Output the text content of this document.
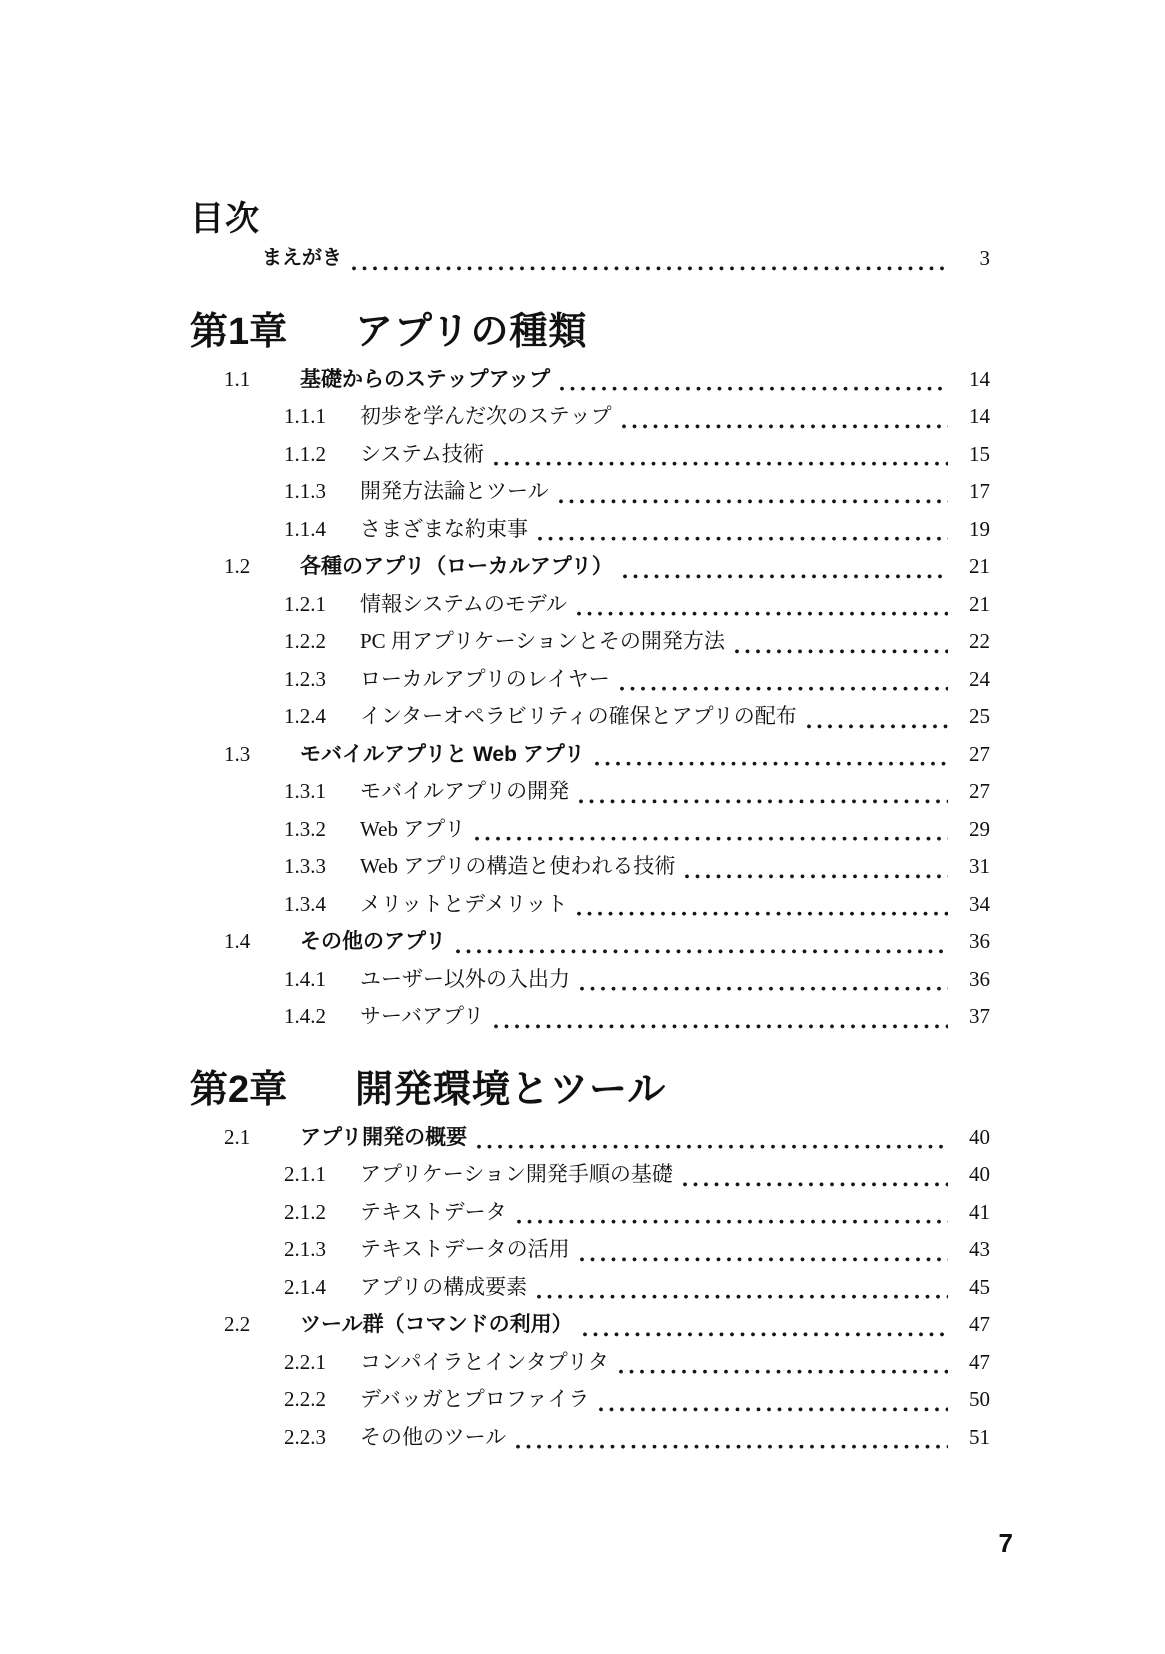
目次
まえがき	3
第1章	アプリの種類
1.1	基礎からのステップアップ	14
1.1.1	初歩を学んだ次のステップ	14
1.1.2	システム技術	15
1.1.3	開発方法論とツール	17
1.1.4	さまざまな約束事	19
1.2	各種のアプリ（ローカルアプリ）	21
1.2.1	情報システムのモデル	21
1.2.2	PC 用アプリケーションとその開発方法	22
1.2.3	ローカルアプリのレイヤー	24
1.2.4	インターオペラビリティの確保とアプリの配布	25
1.3	モバイルアプリと Web アプリ	27
1.3.1	モバイルアプリの開発	27
1.3.2	Web アプリ	29
1.3.3	Web アプリの構造と使われる技術	31
1.3.4	メリットとデメリット	34
1.4	その他のアプリ	36
1.4.1	ユーザー以外の入出力	36
1.4.2	サーバアプリ	37
第2章	開発環境とツール
2.1	アプリ開発の概要	40
2.1.1	アプリケーション開発手順の基礎	40
2.1.2	テキストデータ	41
2.1.3	テキストデータの活用	43
2.1.4	アプリの構成要素	45
2.2	ツール群（コマンドの利用）	47
2.2.1	コンパイラとインタプリタ	47
2.2.2	デバッガとプロファイラ	50
2.2.3	その他のツール	51
7
